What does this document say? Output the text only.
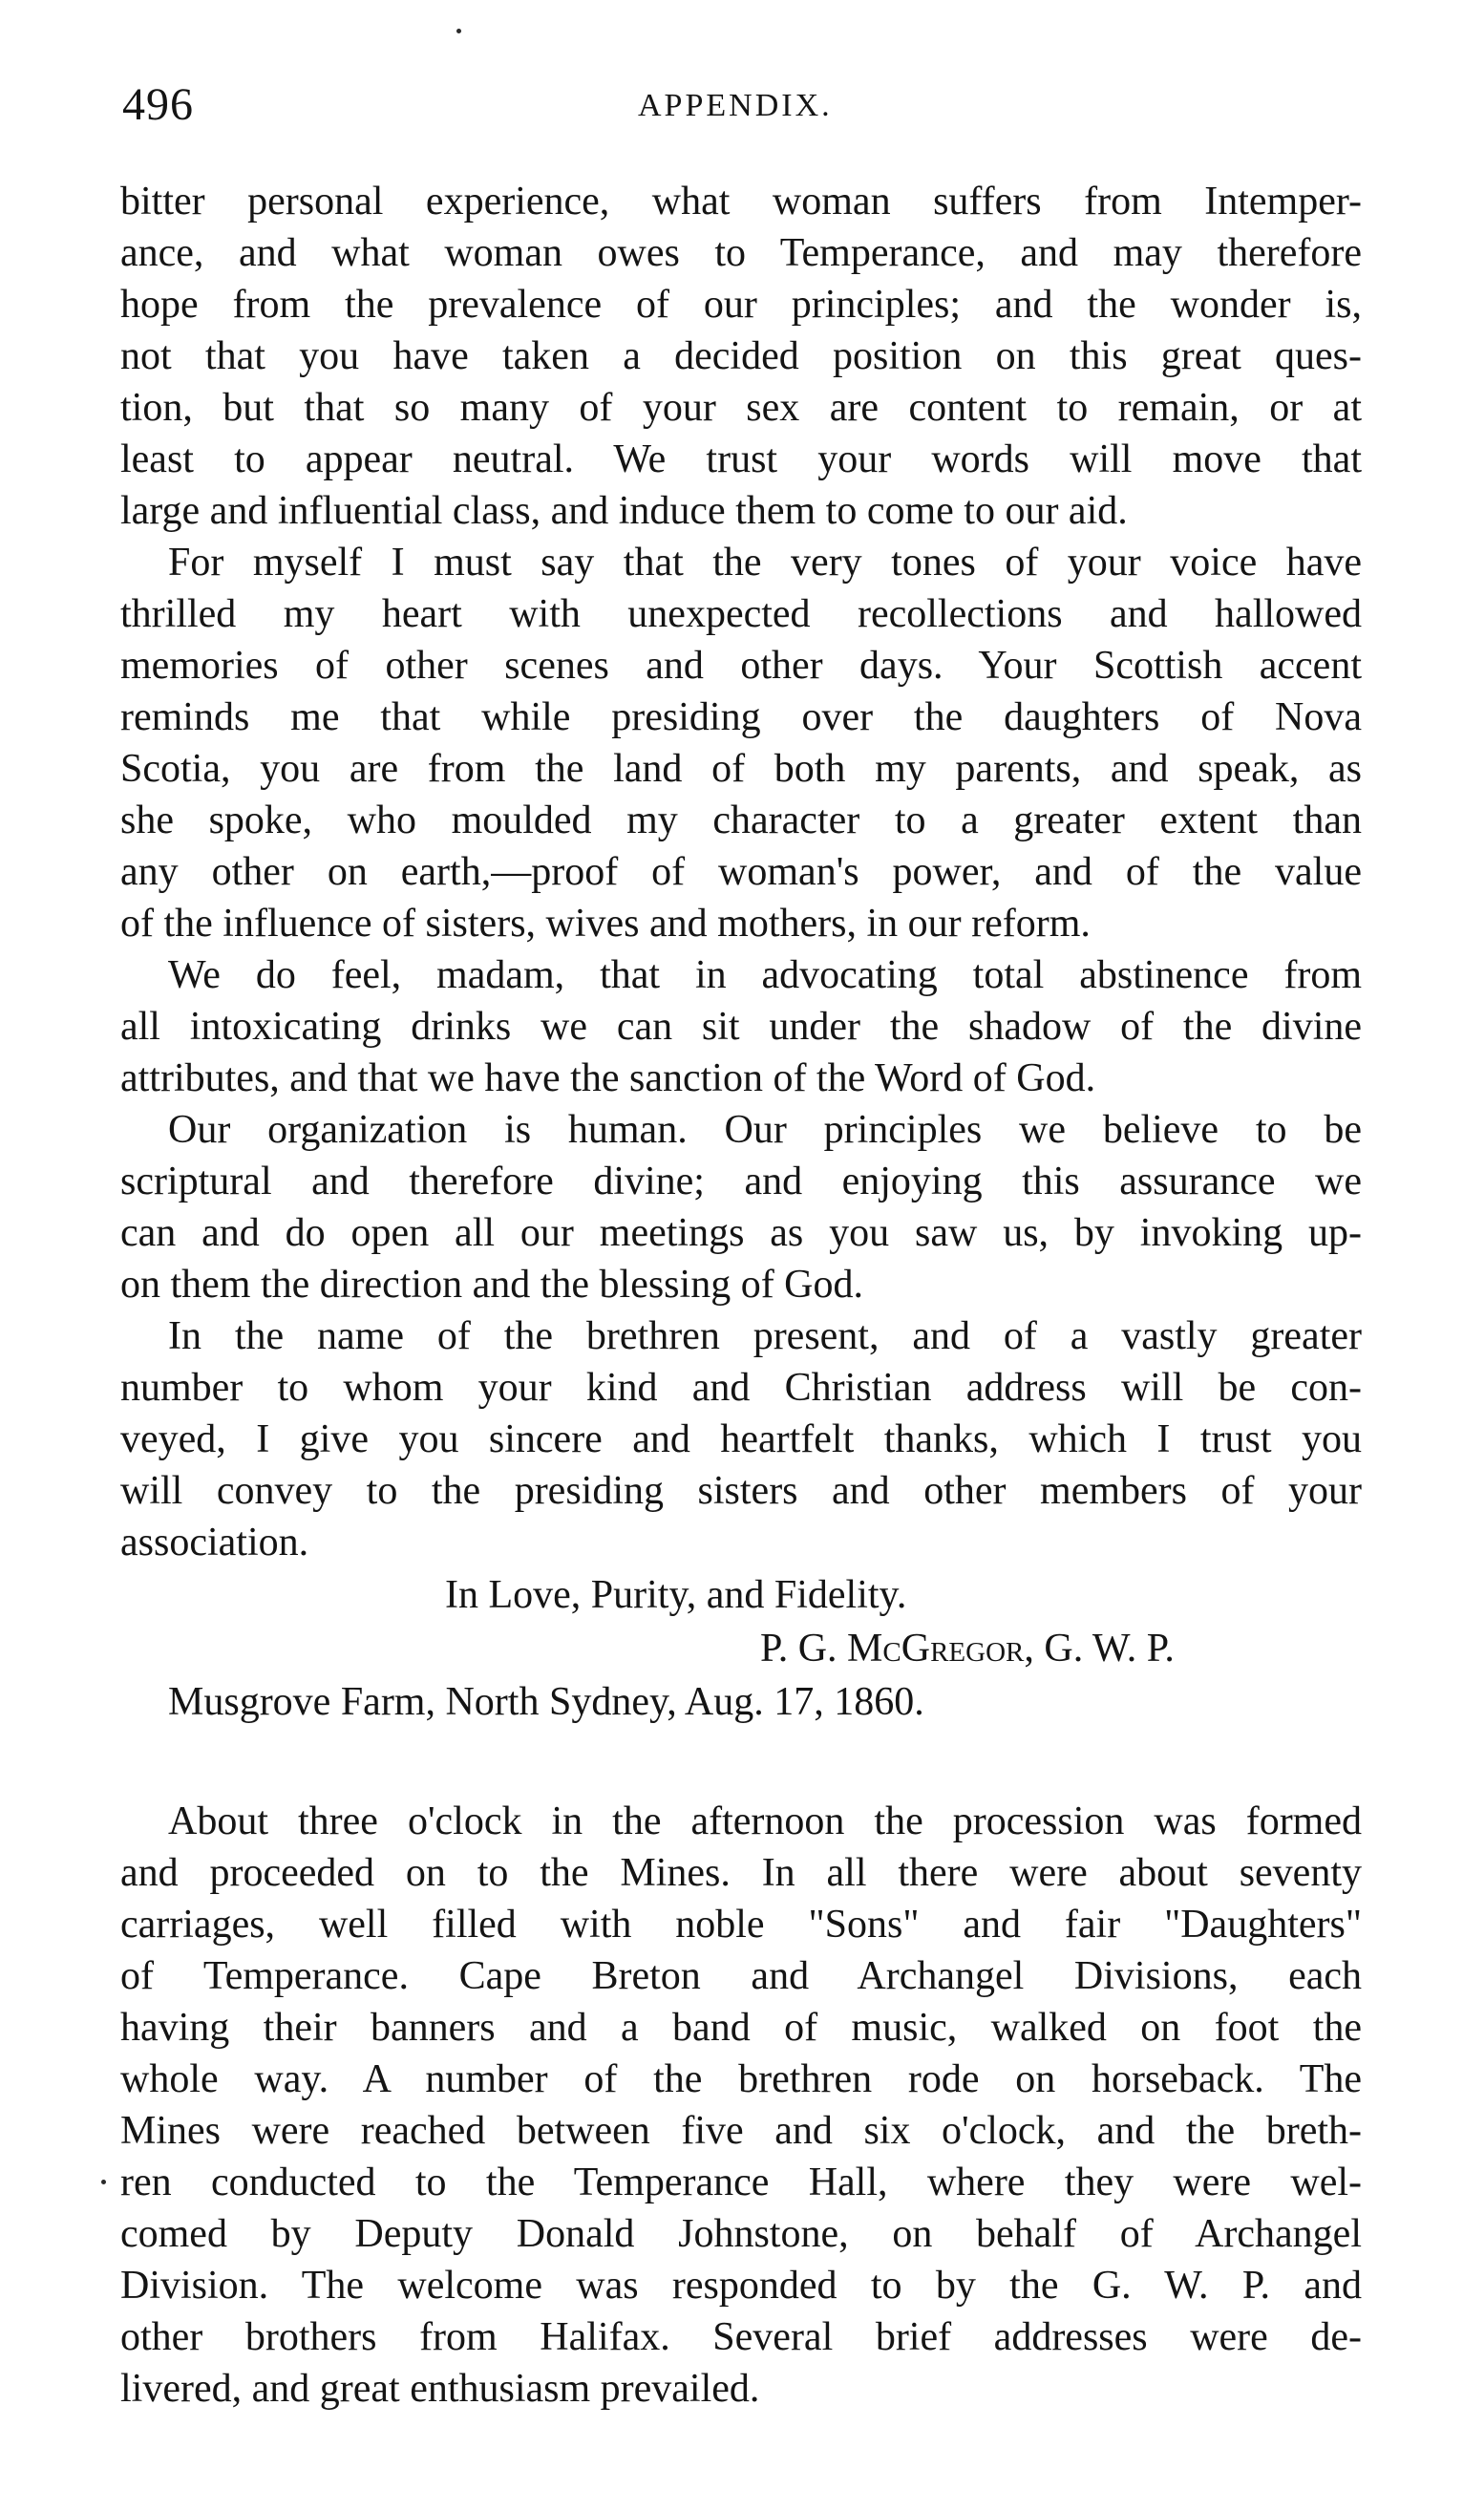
496	APPENDIX.
bitter personal experience, what woman suffers from Intemper-
ance, and what woman owes to Temperance, and may therefore
hope from the prevalence of our principles; and the wonder is,
not that you have taken a decided position on this great ques-
tion, but that so many of your sex are content to remain, or at
least to appear neutral. We trust your words will move that
large and influential class, and induce them to come to our aid.
For myself I must say that the very tones of your voice have
thrilled my heart with unexpected recollections and hallowed
memories of other scenes and other days. Your Scottish accent
reminds me that while presiding over the daughters of Nova
Scotia, you are from the land of both my parents, and speak, as
she spoke, who moulded my character to a greater extent than
any other on earth,—proof of woman's power, and of the value
of the influence of sisters, wives and mothers, in our reform.
We do feel, madam, that in advocating total abstinence from
all intoxicating drinks we can sit under the shadow of the divine
attributes, and that we have the sanction of the Word of God.
Our organization is human. Our principles we believe to be
scriptural and therefore divine; and enjoying this assurance we
can and do open all our meetings as you saw us, by invoking up-
on them the direction and the blessing of God.
In the name of the brethren present, and of a vastly greater
number to whom your kind and Christian address will be con-
veyed, I give you sincere and heartfelt thanks, which I trust you
will convey to the presiding sisters and other members of your
association.
In Love, Purity, and Fidelity.
P. G. McGregor, G. W. P.
Musgrove Farm, North Sydney, Aug. 17, 1860.
About three o'clock in the afternoon the procession was formed
and proceeded on to the Mines. In all there were about seventy
carriages, well filled with noble "Sons" and fair "Daughters"
of Temperance. Cape Breton and Archangel Divisions, each
having their banners and a band of music, walked on foot the
whole way. A number of the brethren rode on horseback. The
Mines were reached between five and six o'clock, and the breth-
ren conducted to the Temperance Hall, where they were wel-
comed by Deputy Donald Johnstone, on behalf of Archangel
Division. The welcome was responded to by the G. W. P. and
other brothers from Halifax. Several brief addresses were de-
livered, and great enthusiasm prevailed.
